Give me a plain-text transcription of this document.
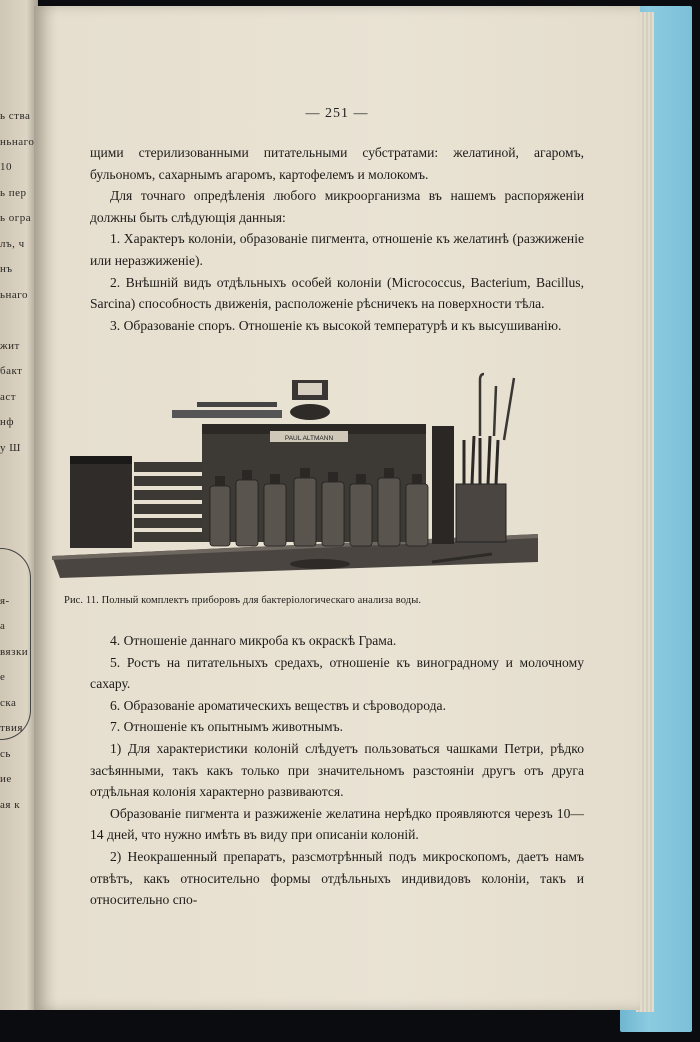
ь ства
ньнаго
10
ь пер
ь огра
лъ, ч
нъ
ьнаго
жит
бакт
аст
нф
у Ш
я-
а
вязки
е
ска
твия
сь
ие
ая к
— 251 —

щими стерилизованными питательными субстратами: желатиной, агаромъ, бульономъ, сахарнымъ агаромъ, картофелемъ и молокомъ.

Для точнаго опредѣленія любого микроорганизма въ нашемъ распоряженіи должны быть слѣдующія данныя:

1. Характеръ колоніи, образованіе пигмента, отношеніе къ желатинѣ (разжиженіе или неразжиженіе).

2. Внѣшній видъ отдѣльныхъ особей колоніи (Micrococcus, Bacterium, Bacillus, Sarcina) способность движенія, расположеніе рѣсничекъ на поверхности тѣла.

3. Образованіе споръ. Отношеніе къ высокой температурѣ и къ высушиванію.

PAUL ALTMANN
Рис. 11. Полный комплектъ приборовъ для бактеріологическаго анализа воды.

4. Отношеніе даннаго микроба къ окраскѣ Грама.

5. Ростъ на питательныхъ средахъ, отношеніе къ виноградному и молочному сахару.

6. Образованіе ароматическихъ веществъ и сѣроводорода.

7. Отношеніе къ опытнымъ животнымъ.

1) Для характеристики колоній слѣдуетъ пользоваться чашками Петри, рѣдко засѣянными, такъ какъ только при значительномъ разстояніи другъ отъ друга отдѣльная колонія характерно развиваются.

Образованіе пигмента и разжиженіе желатина нерѣдко проявляются черезъ 10—14 дней, что нужно имѣть въ виду при описаніи колоній.

2) Неокрашенный препаратъ, разсмотрѣнный подъ микроскопомъ, даетъ намъ отвѣтъ, какъ относительно формы отдѣльныхъ индивидовъ колоніи, такъ и относительно спо-
